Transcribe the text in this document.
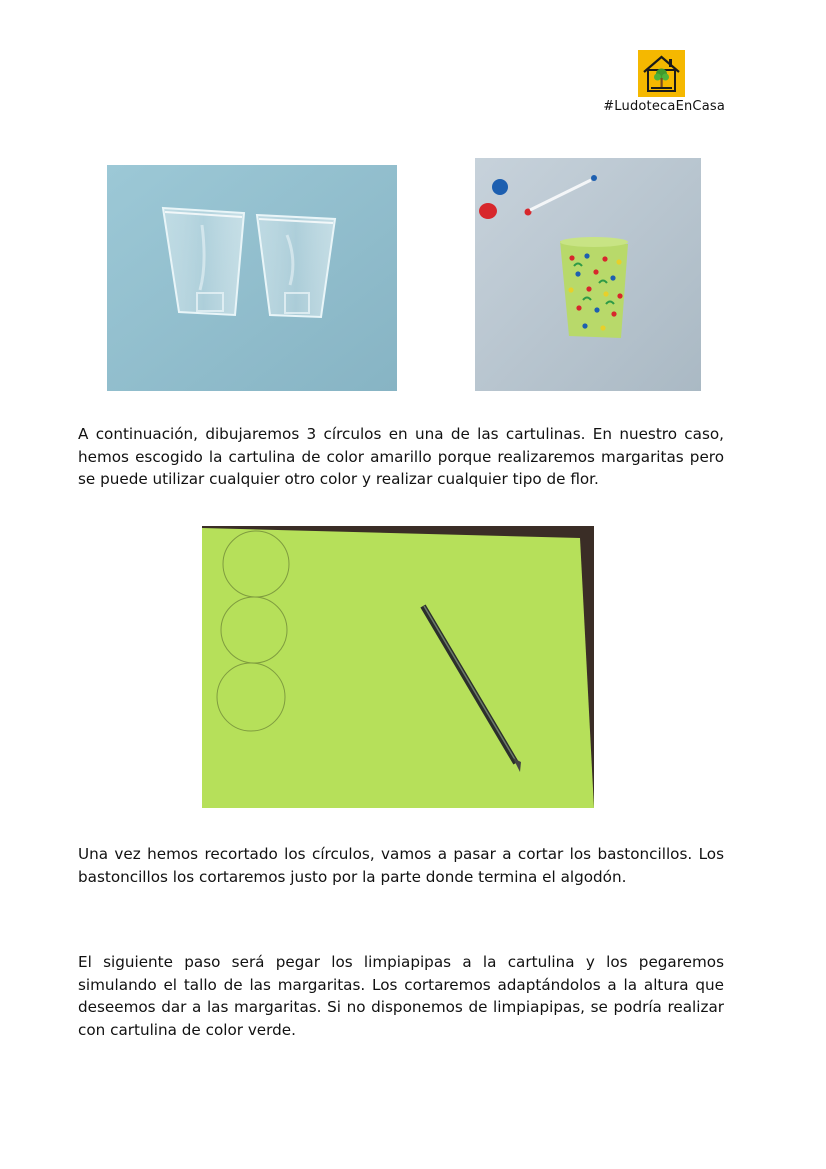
#LudotecaEnCasa

A continuación, dibujaremos 3 círculos en una de las cartulinas. En nuestro caso, hemos escogido la cartulina de color amarillo porque realizaremos margaritas pero se puede utilizar cualquier otro color y realizar cualquier tipo de flor.

Una vez hemos recortado los círculos, vamos a pasar a cortar los bastoncillos. Los bastoncillos los cortaremos justo por la parte donde termina el algodón.

El siguiente paso será pegar los limpiapipas a la cartulina y los pegaremos simulando el tallo de las margaritas. Los cortaremos adaptándolos a la altura que deseemos dar a las margaritas. Si no disponemos de limpiapipas, se podría realizar con cartulina de color verde.
